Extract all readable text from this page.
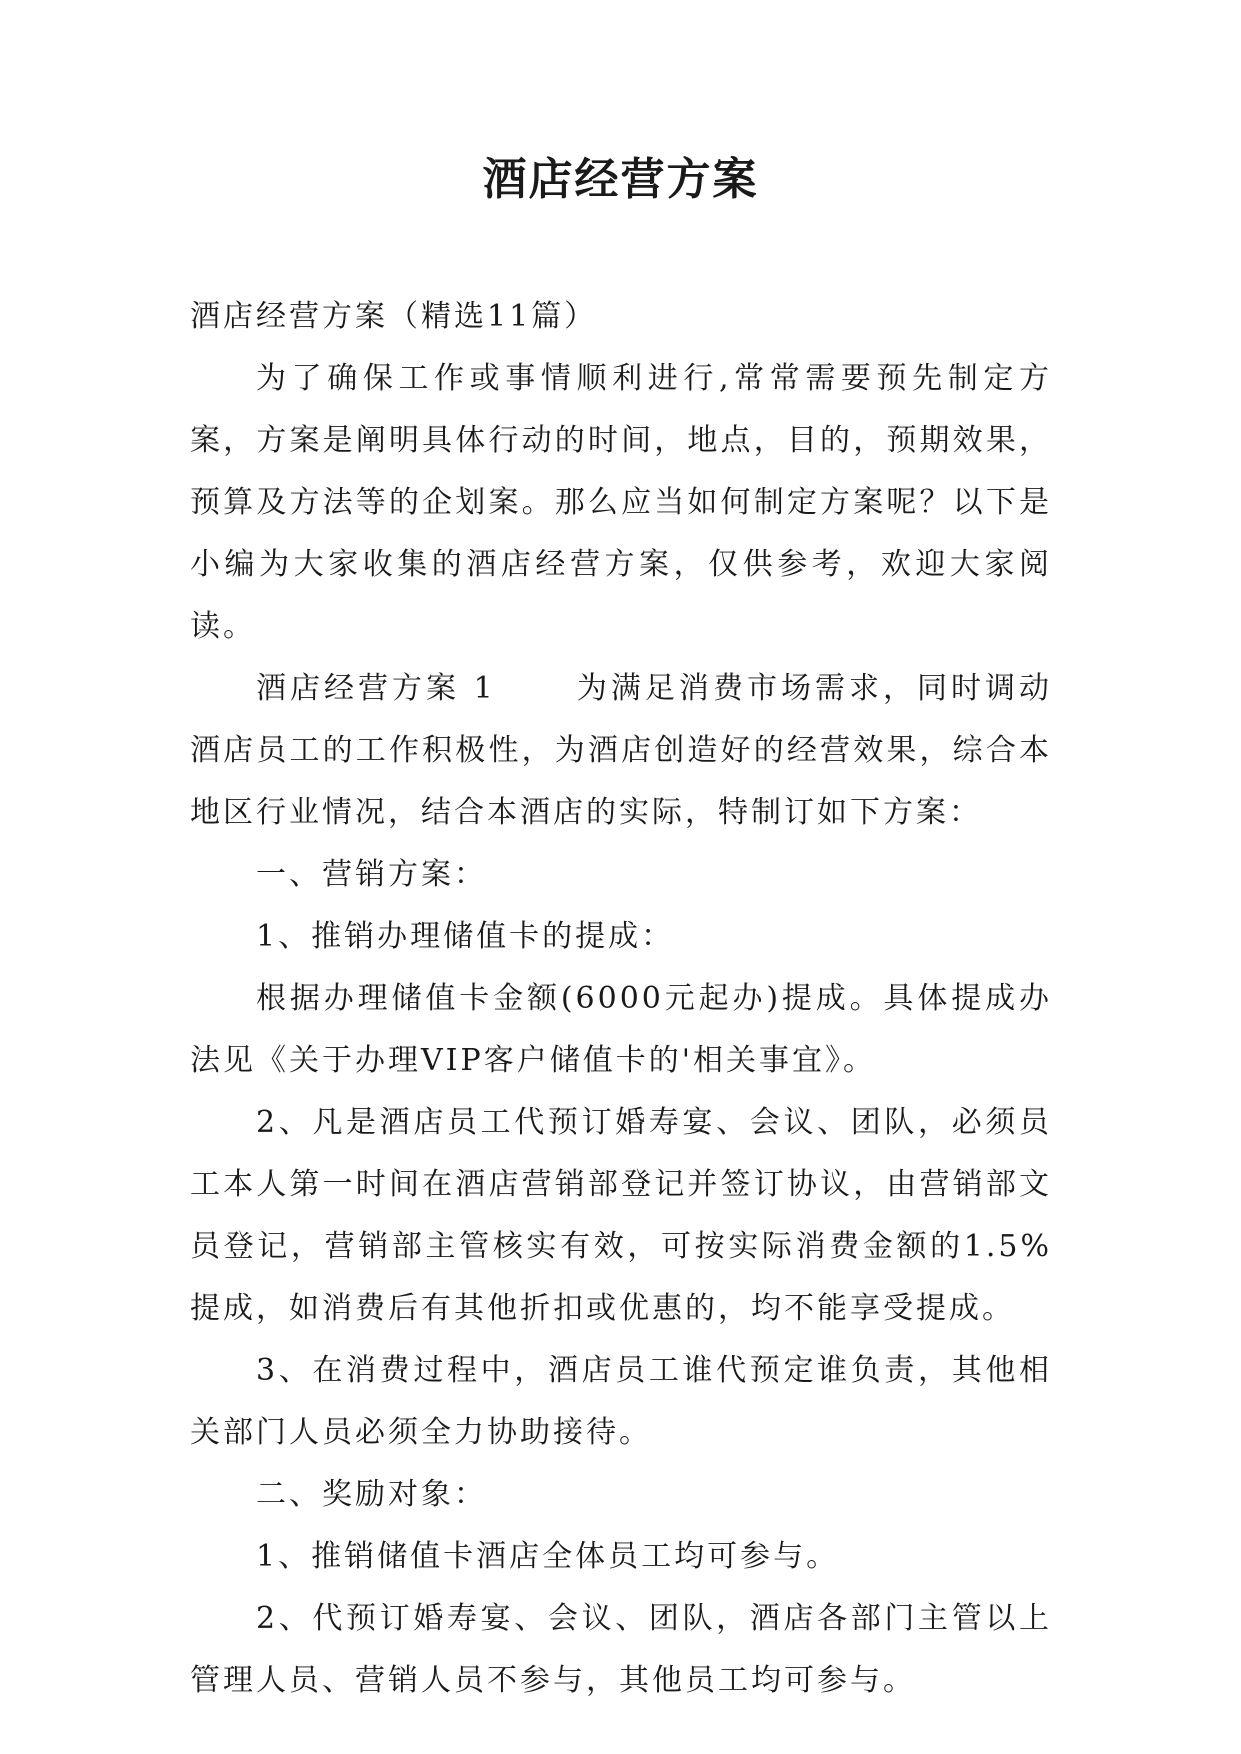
酒店经营方案

酒店经营方案（精选11篇）

为了确保工作或事情顺利进行,常常需要预先制定方案，方案是阐明具体行动的时间，地点，目的，预期效果，预算及方法等的企划案。那么应当如何制定方案呢？以下是小编为大家收集的酒店经营方案，仅供参考，欢迎大家阅读。

酒店经营方案 1      为满足消费市场需求，同时调动酒店员工的工作积极性，为酒店创造好的经营效果，综合本地区行业情况，结合本酒店的实际，特制订如下方案：

一、营销方案：

1、推销办理储值卡的提成：

根据办理储值卡金额(6000元起办)提成。具体提成办法见《关于办理VIP客户储值卡的'相关事宜》。

2、凡是酒店员工代预订婚寿宴、会议、团队，必须员工本人第一时间在酒店营销部登记并签订协议，由营销部文员登记，营销部主管核实有效，可按实际消费金额的1.5%提成，如消费后有其他折扣或优惠的，均不能享受提成。

3、在消费过程中，酒店员工谁代预定谁负责，其他相关部门人员必须全力协助接待。

二、奖励对象：

1、推销储值卡酒店全体员工均可参与。

2、代预订婚寿宴、会议、团队，酒店各部门主管以上管理人员、营销人员不参与，其他员工均可参与。
